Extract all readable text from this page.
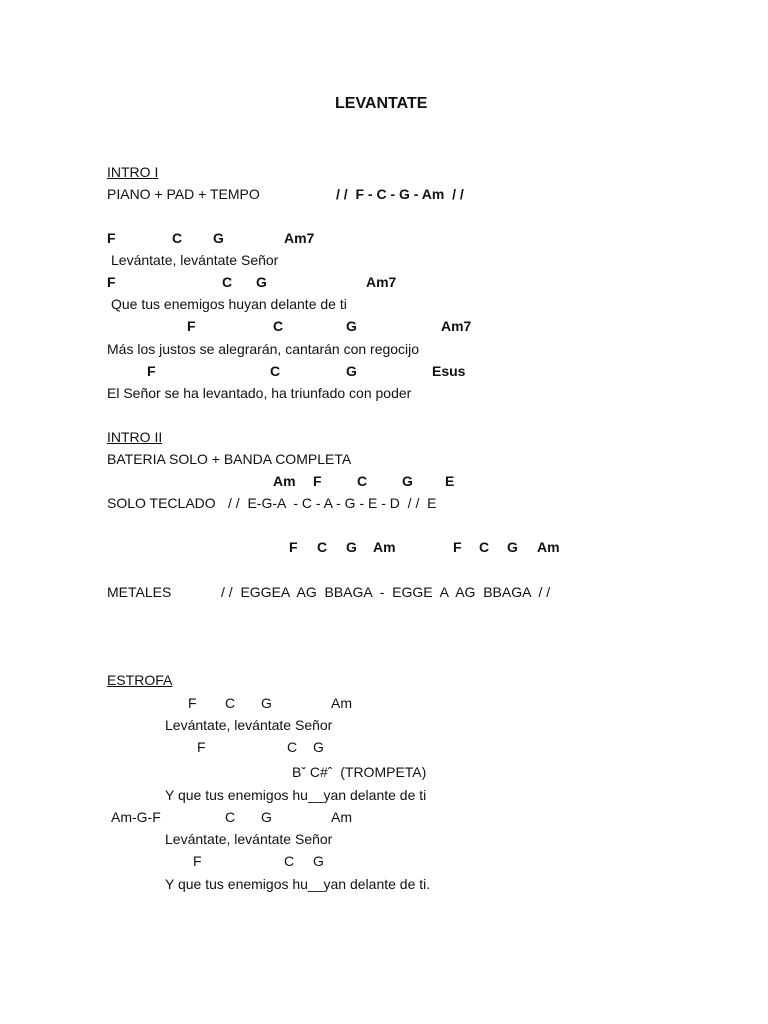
LEVANTATE
INTRO I
PIANO + PAD + TEMPO	/ /  F - C - G - Am  / /
F	C G	Am7
Levántate, levántate Señor
F	C G	Am7
Que tus enemigos huyan delante de ti
F	C	G	Am7
Más los justos se alegrarán, cantarán con regocijo
F	C	G	Esus
El Señor se ha levantado, ha triunfado con poder
INTRO II
BATERIA SOLO + BANDA COMPLETA
Am F	C G E
SOLO TECLADO / /  E-G-A  - C - A - G - E - D  / /  E
F C G Am	F C G Am
METALES	/ /  EGGEA  AG  BBAGA  -  EGGE  A  AG  BBAGA  / /
ESTROFA
F C G	Am
Levántate, levántate Señor
F	C G
Bˇ C#ˆ  (TROMPETA)
Y que tus enemigos hu__yan delante de ti
Am-G-F	C G	Am
Levántate, levántate Señor
F	C G
Y que tus enemigos hu__yan delante de ti.
